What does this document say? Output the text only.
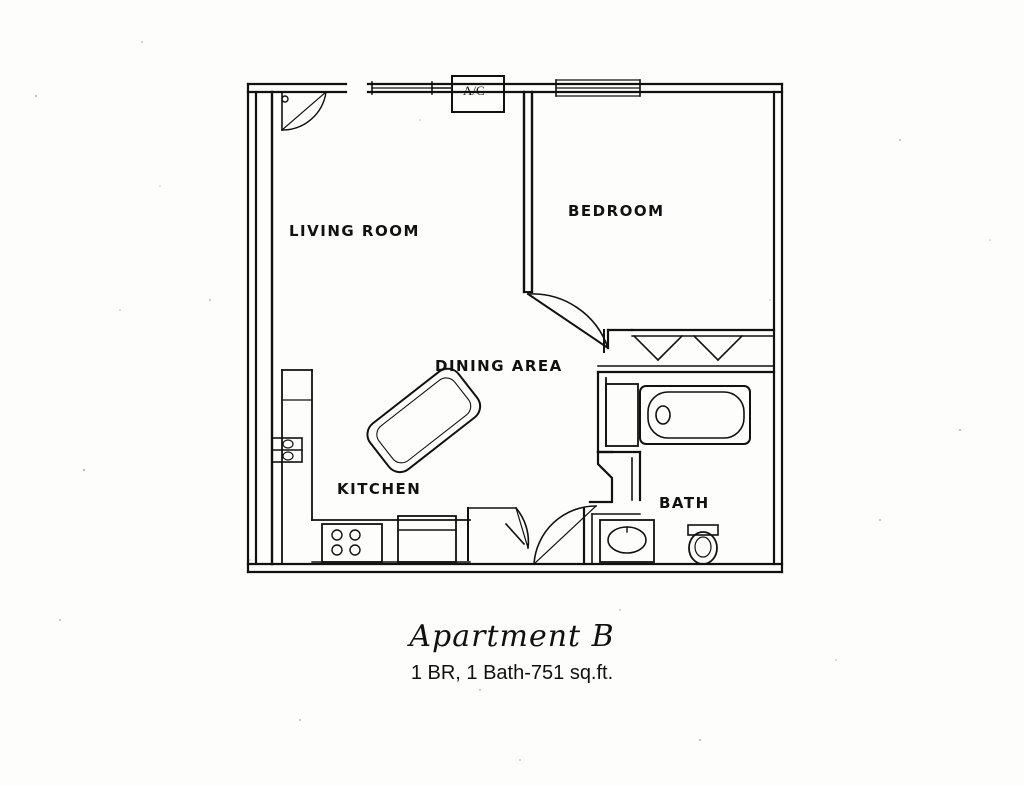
LIVING ROOM
BEDROOM
DINING AREA
KITCHEN
BATH
A/C
Apartment B
1 BR, 1 Bath-751 sq.ft.
